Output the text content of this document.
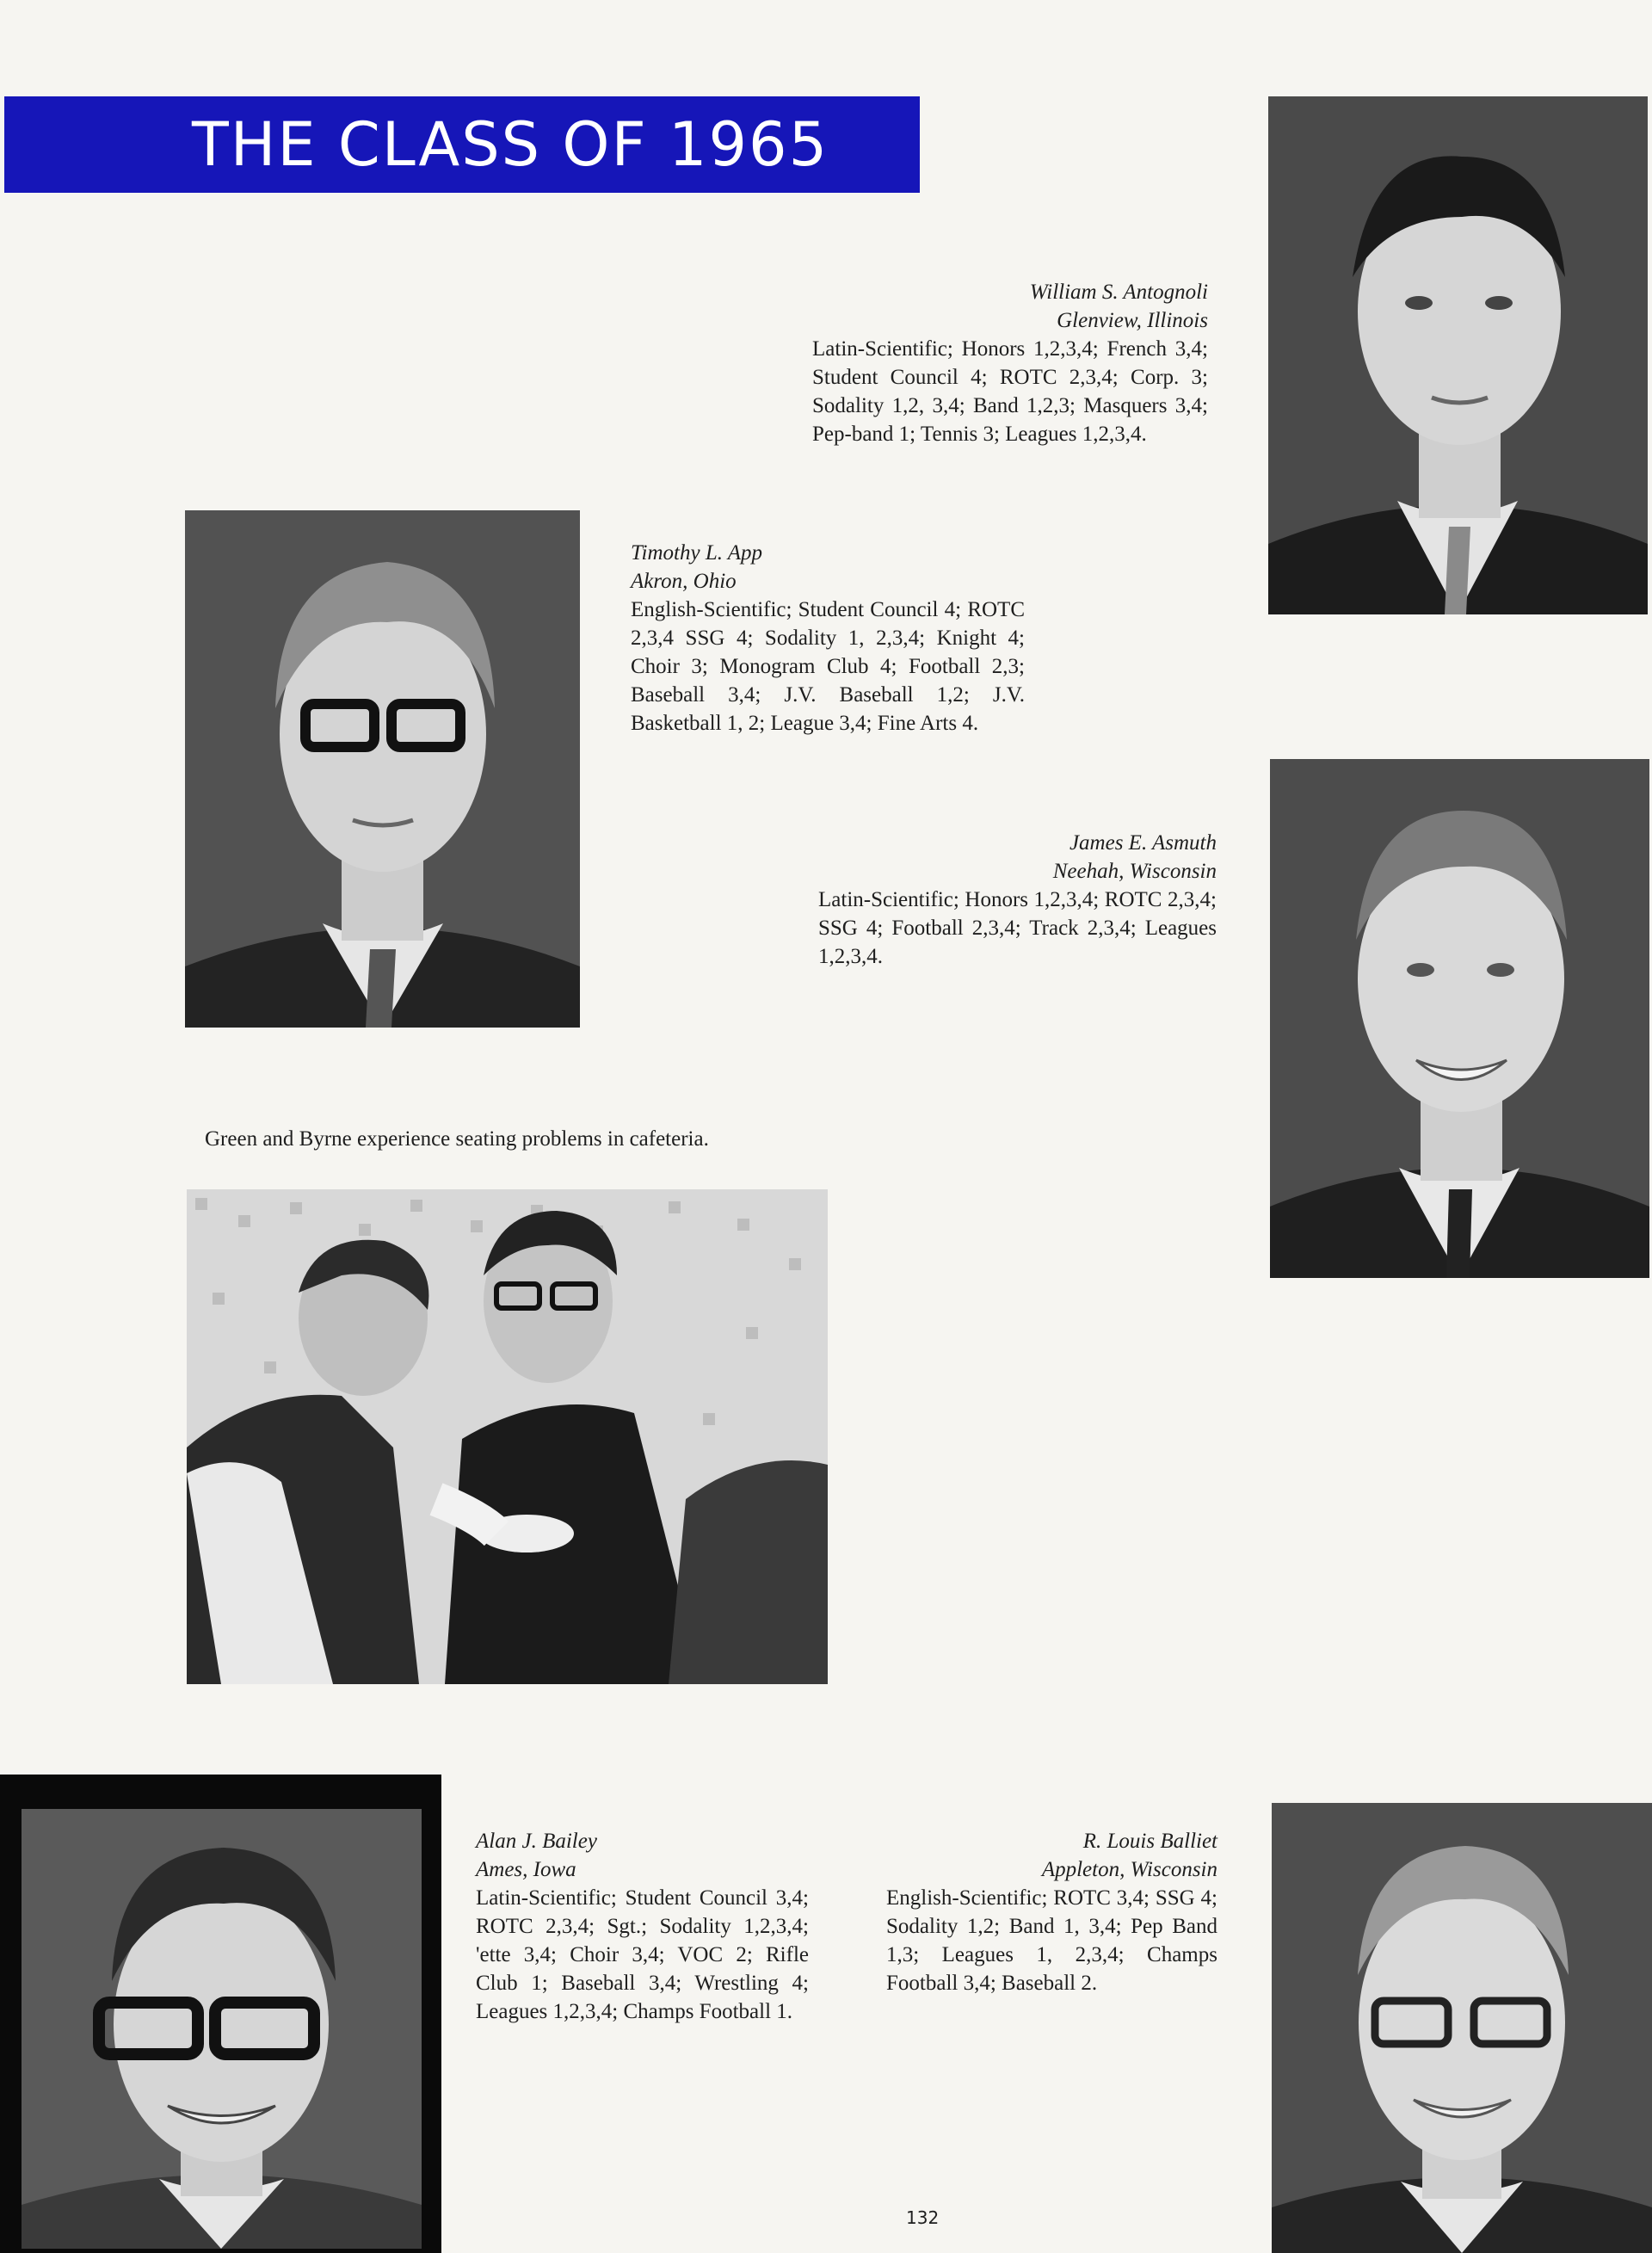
THE CLASS OF 1965
William S. Antognoli
Glenview, Illinois
Latin-Scientific; Honors 1,2,3,4; French 3,4; Student Council 4; ROTC 2,3,4; Corp. 3; Sodality 1,2, 3,4; Band 1,2,3; Masquers 3,4; Pep-band 1; Tennis 3; Leagues 1,2,3,4.
Timothy L. App
Akron, Ohio
English-Scientific; Student Council 4; ROTC 2,3,4 SSG 4; Sodality 1, 2,3,4; Knight 4; Choir 3; Monogram Club 4; Football 2,3; Baseball 3,4; J.V. Baseball 1,2; J.V. Basketball 1, 2; League 3,4; Fine Arts 4.
James E. Asmuth
Neehah, Wisconsin
Latin-Scientific; Honors 1,2,3,4; ROTC 2,3,4; SSG 4; Football 2,3,4; Track 2,3,4; Leagues 1,2,3,4.
Green and Byrne experience seating problems in cafeteria.
Alan J. Bailey
Ames, Iowa
Latin-Scientific; Student Council 3,4; ROTC 2,3,4; Sgt.; Sodality 1,2,3,4; 'ette 3,4; Choir 3,4; VOC 2; Rifle Club 1; Baseball 3,4; Wrestling 4; Leagues 1,2,3,4; Champs Football 1.
R. Louis Balliet
Appleton, Wisconsin
English-Scientific; ROTC 3,4; SSG 4; Sodality 1,2; Band 1, 3,4; Pep Band 1,3; Leagues 1, 2,3,4; Champs Football 3,4; Baseball 2.
132
